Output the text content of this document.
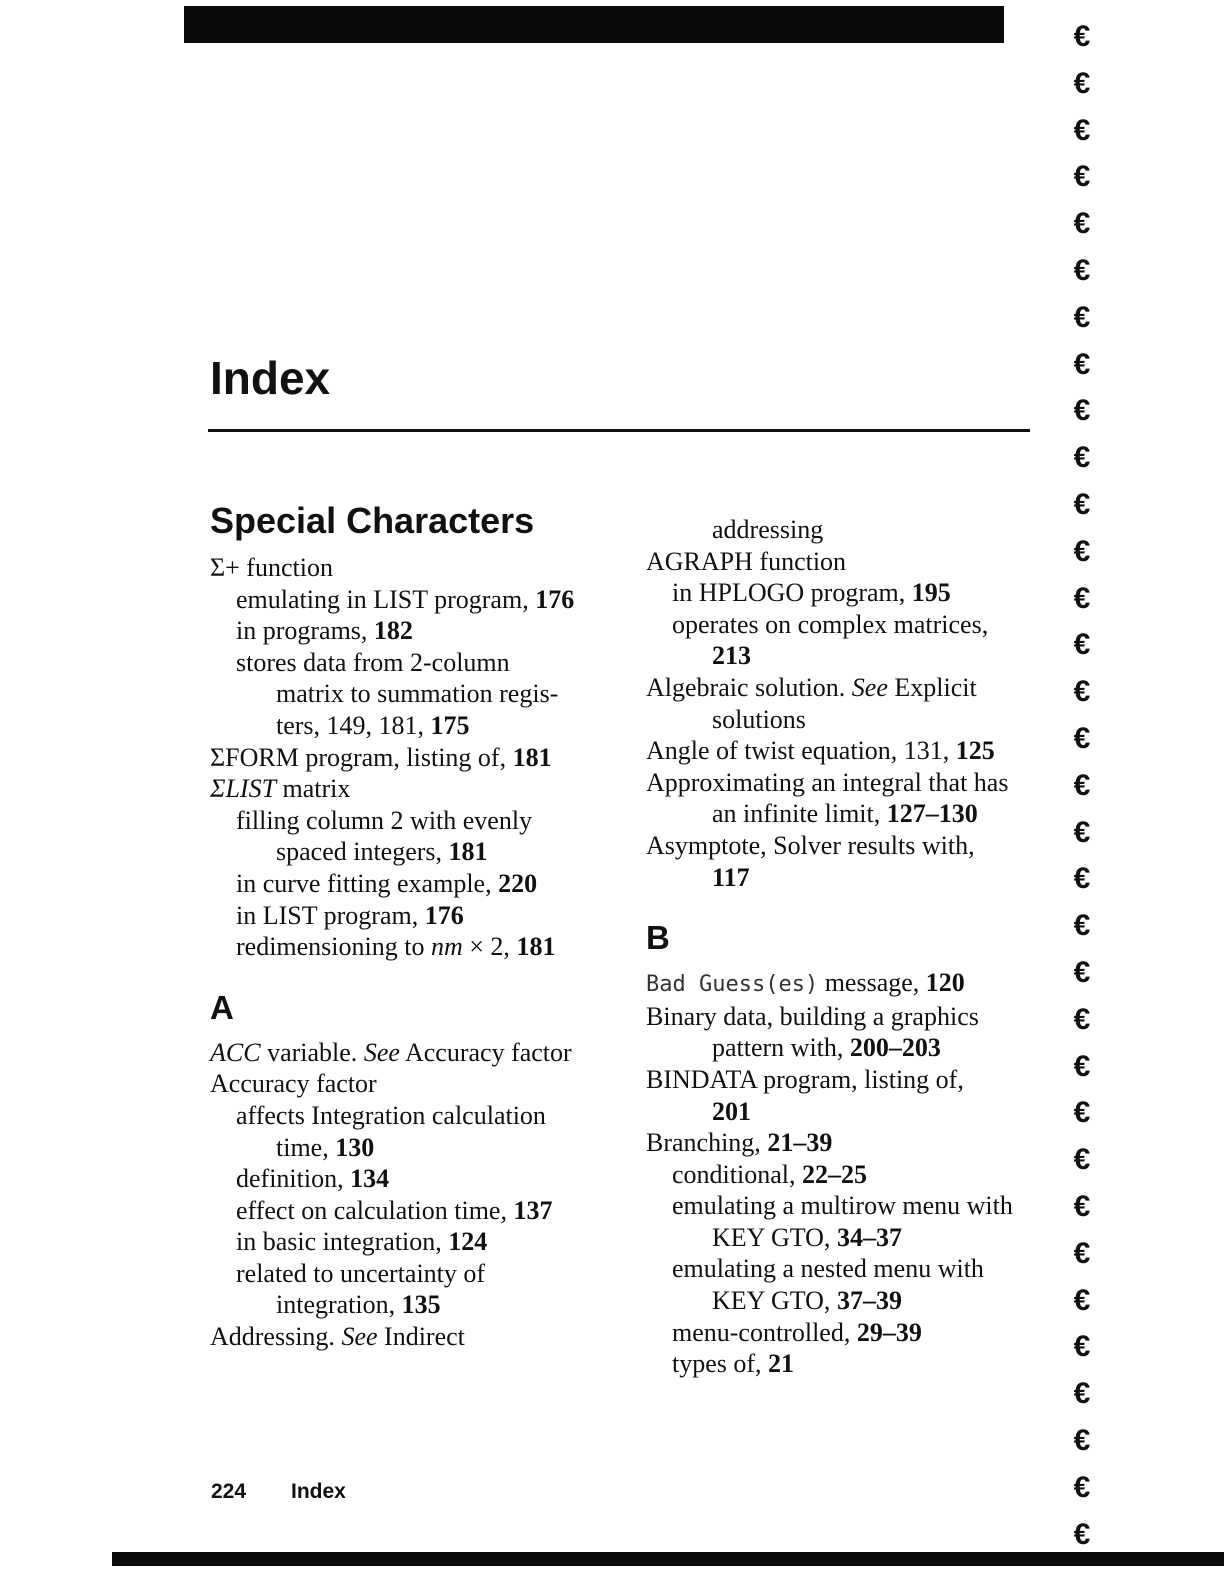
Index
Special Characters
Σ+ function
emulating in LIST program, 176
in programs, 182
stores data from 2-column
matrix to summation regis-
ters, 149, 181, 175
ΣFORM program, listing of, 181
ΣLIST matrix
filling column 2 with evenly
spaced integers, 181
in curve fitting example, 220
in LIST program, 176
redimensioning to nm × 2, 181
A
ACC variable. See Accuracy factor
Accuracy factor
affects Integration calculation
time, 130
definition, 134
effect on calculation time, 137
in basic integration, 124
related to uncertainty of
integration, 135
Addressing. See Indirect
addressing
AGRAPH function
in HPLOGO program, 195
operates on complex matrices,
213
Algebraic solution. See Explicit
solutions
Angle of twist equation, 131, 125
Approximating an integral that has
an infinite limit, 127–130
Asymptote, Solver results with,
117
B
Bad Guess(es) message, 120
Binary data, building a graphics
pattern with, 200–203
BINDATA program, listing of,
201
Branching, 21–39
conditional, 22–25
emulating a multirow menu with
KEY GTO, 34–37
emulating a nested menu with
KEY GTO, 37–39
menu-controlled, 29–39
types of, 21
224 Index
€
€
€
€
€
€
€
€
€
€
€
€
€
€
€
€
€
€
€
€
€
€
€
€
€
€
€
€
€
€
€
€
€
